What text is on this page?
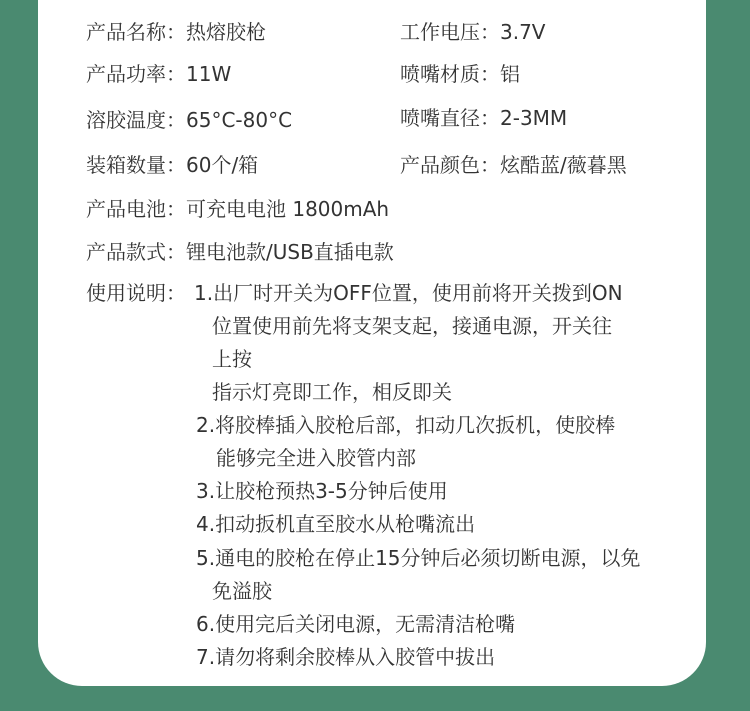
产品名称：热熔胶枪	工作电压：3.7V
产品功率：11W	喷嘴材质：铝
溶胶温度：65°C-80°C	喷嘴直径：2-3MM
装箱数量：60个/箱	产品颜色：炫酷蓝/薇暮黑
产品电池：可充电电池 1800mAh
产品款式：锂电池款/USB直插电款
使用说明： 1.出厂时开关为OFF位置，使用前将开关拨到ON
位置使用前先将支架支起，接通电源，开关往
上按
指示灯亮即工作，相反即关
2.将胶棒插入胶枪后部，扣动几次扳机，使胶棒
能够完全进入胶管内部
3.让胶枪预热3-5分钟后使用
4.扣动扳机直至胶水从枪嘴流出
5.通电的胶枪在停止15分钟后必须切断电源，以免
免溢胶
6.使用完后关闭电源，无需清洁枪嘴
7.请勿将剩余胶棒从入胶管中拔出
